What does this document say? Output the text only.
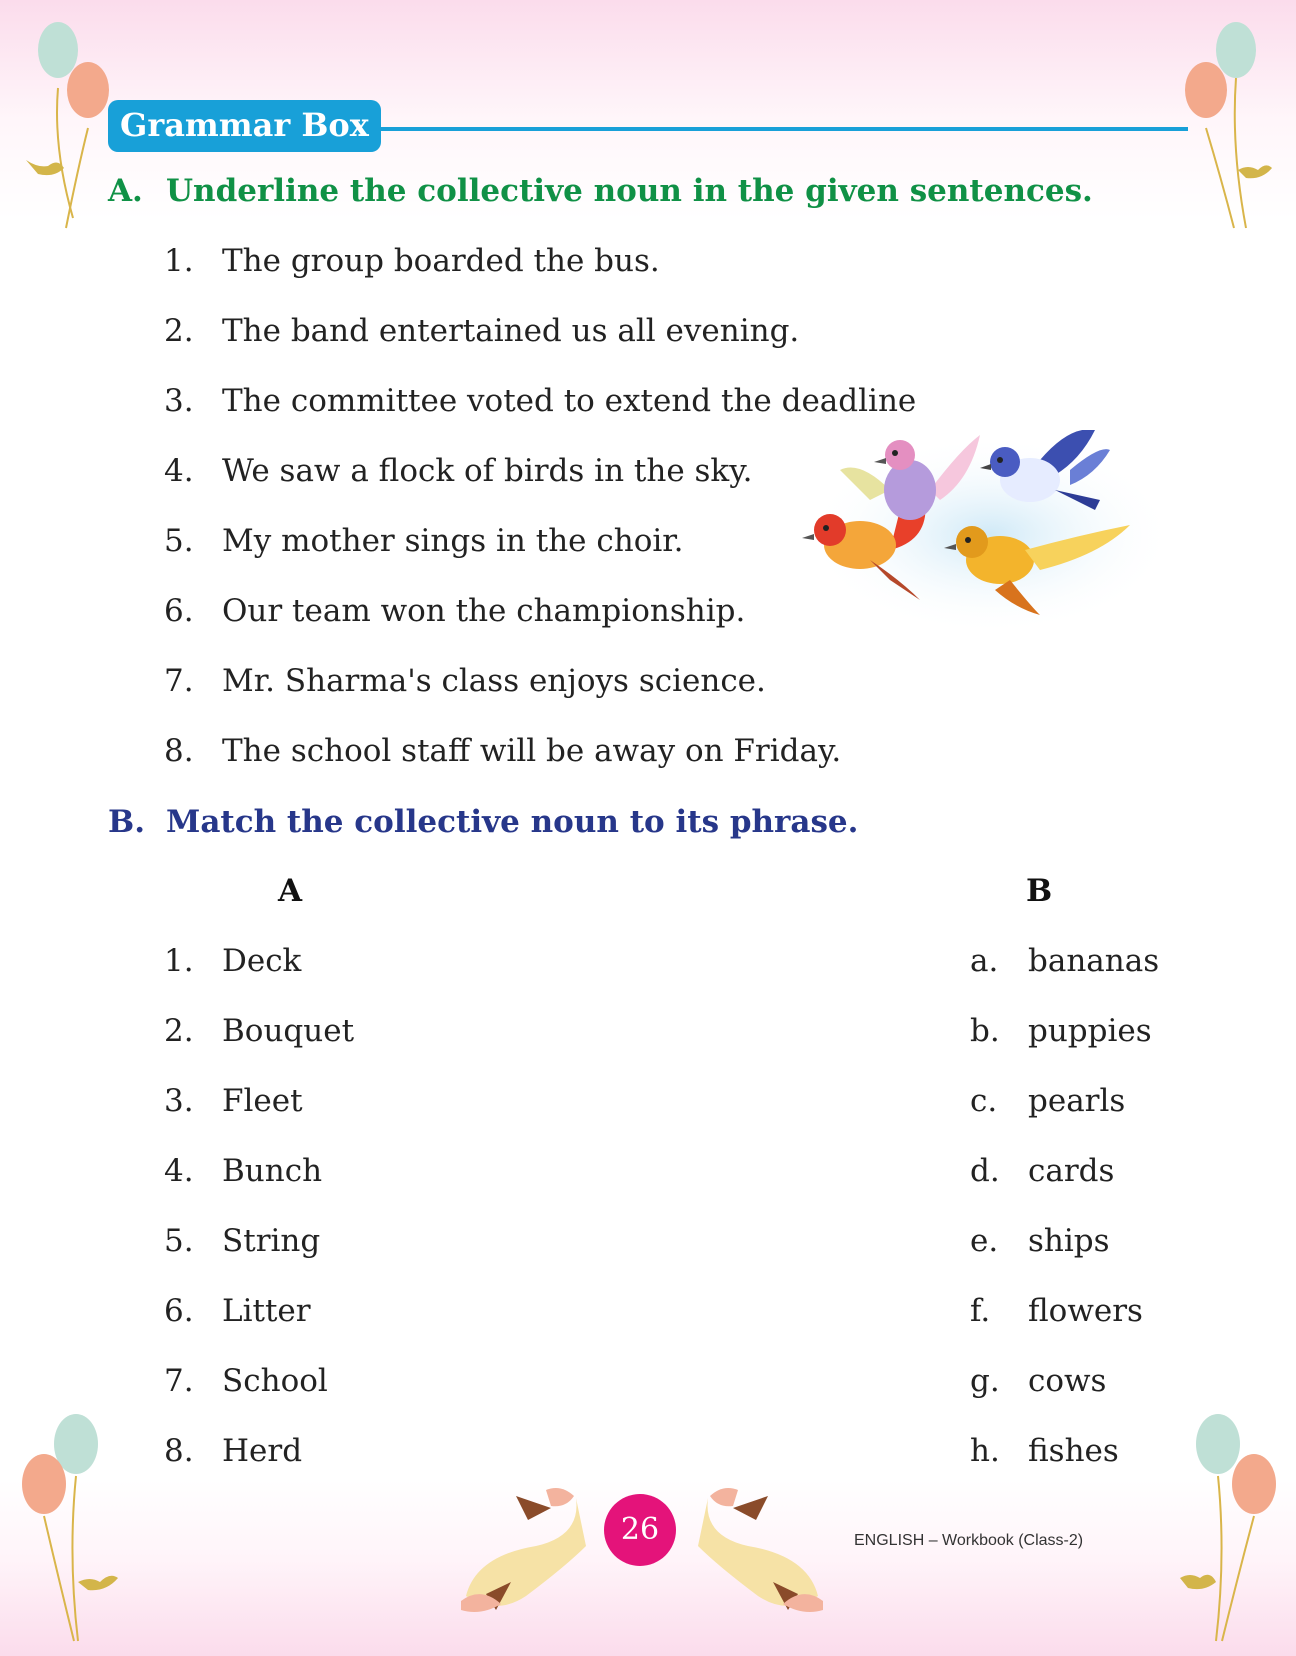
Grammar Box
A. Underline the collective noun in the given sentences.
1. The group boarded the bus.
2. The band entertained us all evening.
3. The committee voted to extend the deadline
4. We saw a flock of birds in the sky.
5. My mother sings in the choir.
6. Our team won the championship.
7. Mr. Sharma's class enjoys science.
8. The school staff will be away on Friday.
B. Match the collective noun to its phrase.
A	B
1. Deck
2. Bouquet
3. Fleet
4. Bunch
5. String
6. Litter
7. School
8. Herd
a. bananas
b. puppies
c. pearls
d. cards
e. ships
f. flowers
g. cows
h. fishes
26	ENGLISH – Workbook (Class-2)
